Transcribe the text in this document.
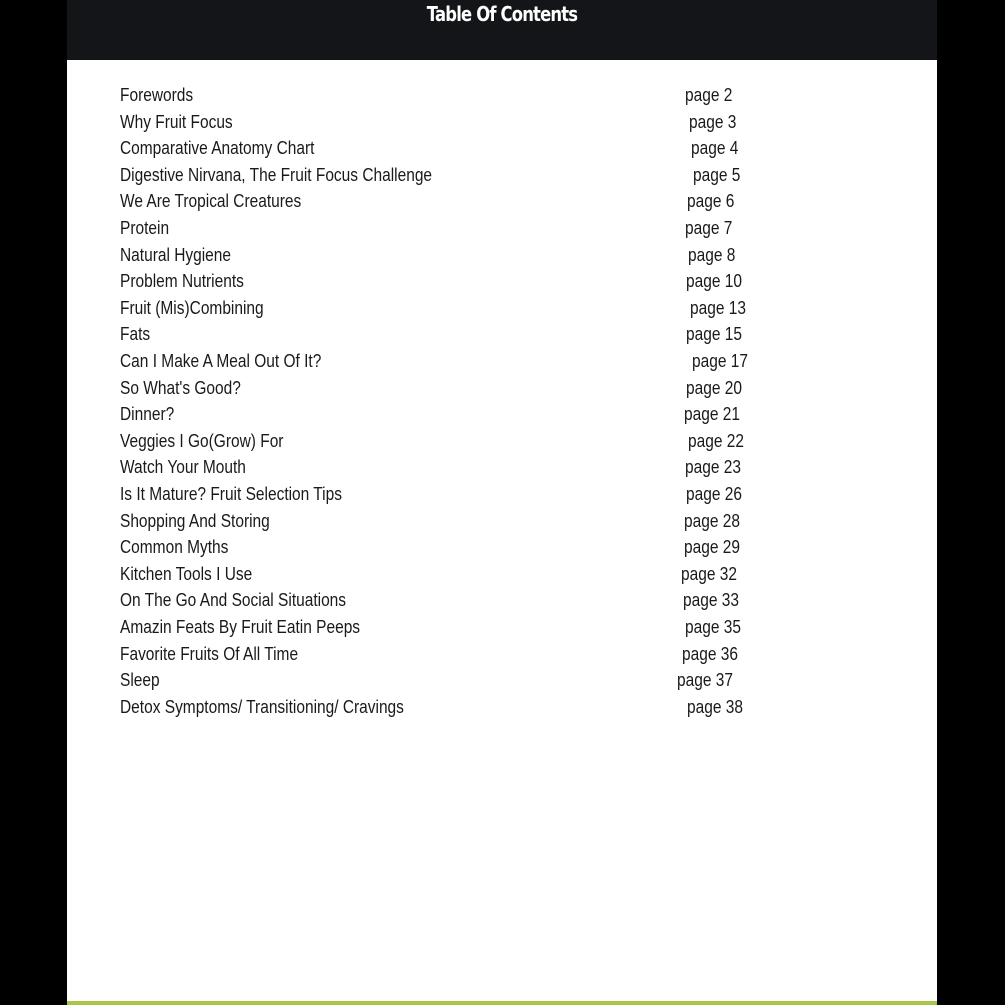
Table Of Contents
Forewords	page 2
Why Fruit Focus	page 3
Comparative Anatomy Chart	page 4
Digestive Nirvana, The Fruit Focus Challenge	page 5
We Are Tropical Creatures	page 6
Protein	page 7
Natural Hygiene	page 8
Problem Nutrients	page 10
Fruit (Mis)Combining	page 13
Fats	page 15
Can I Make A Meal Out Of It?	page 17
So What's Good?	page 20
Dinner?	page 21
Veggies I Go(Grow) For	page 22
Watch Your Mouth	page 23
Is It Mature? Fruit Selection Tips	page 26
Shopping And Storing	page 28
Common Myths	page 29
Kitchen Tools I Use	page 32
On The Go And Social Situations	page 33
Amazin Feats By Fruit Eatin Peeps	page 35
Favorite Fruits Of All Time	page 36
Sleep	page 37
Detox Symptoms/ Transitioning/ Cravings	page 38
